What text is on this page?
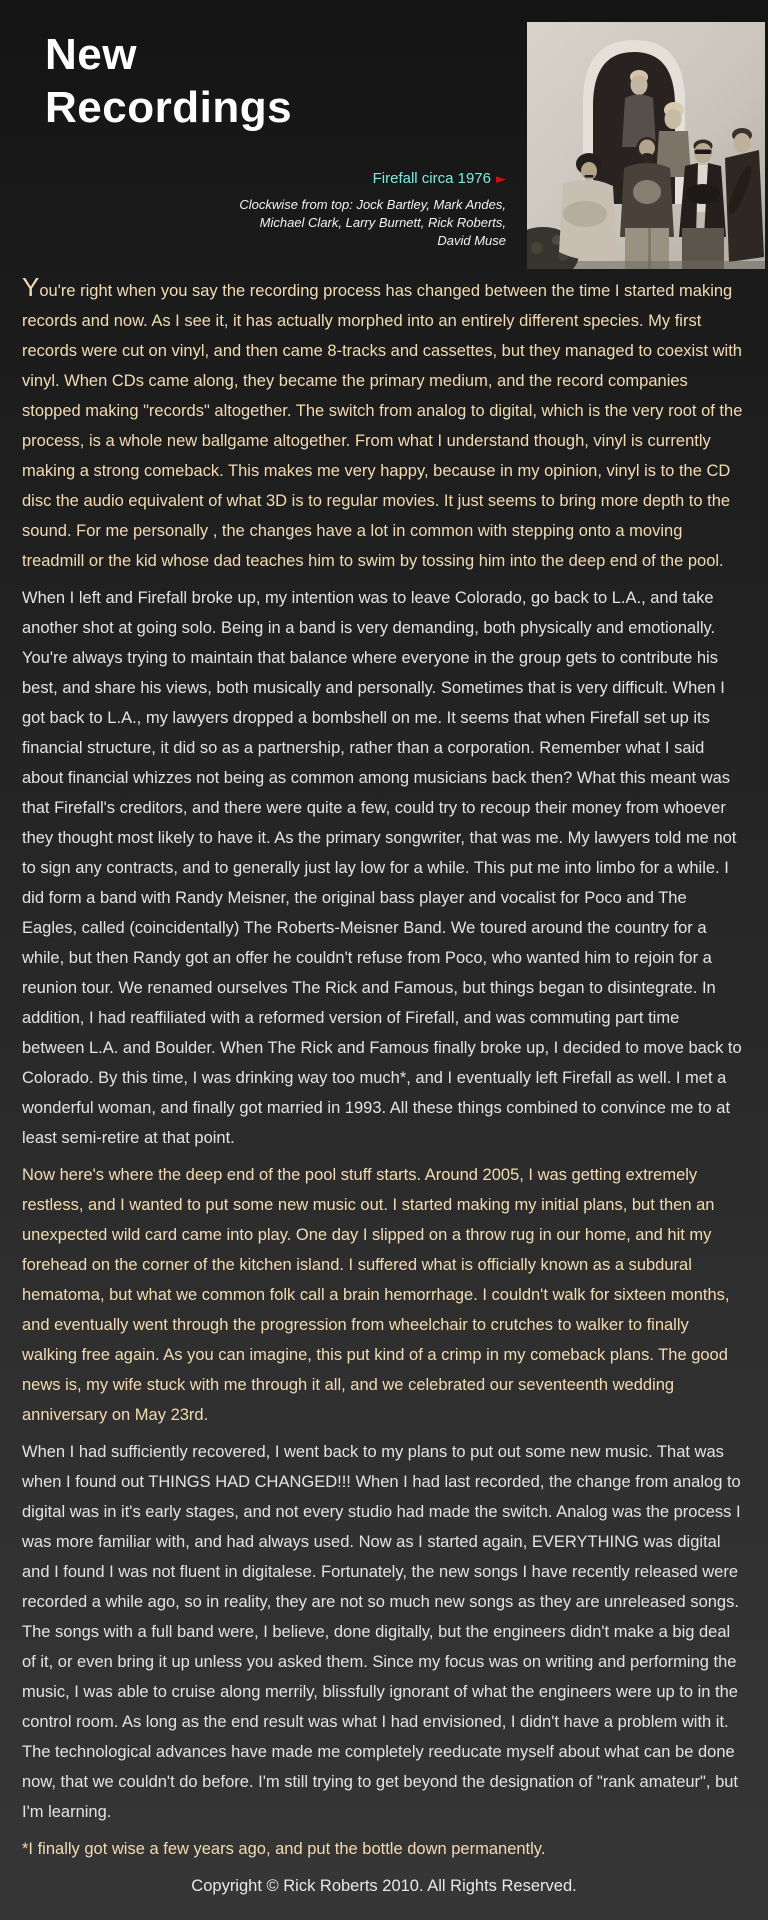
New
Recordings
Firefall circa 1976 ►
Clockwise from top: Jock Bartley, Mark Andes,
Michael Clark, Larry Burnett, Rick Roberts,
David Muse

You're right when you say the recording process has changed between the time I started making records and now. As I see it, it has actually morphed into an entirely different species. My first records were cut on vinyl, and then came 8-tracks and cassettes, but they managed to coexist with vinyl. When CDs came along, they became the primary medium, and the record companies stopped making "records" altogether. The switch from analog to digital, which is the very root of the process, is a whole new ballgame altogether. From what I understand though, vinyl is currently making a strong comeback. This makes me very happy, because in my opinion, vinyl is to the CD disc the audio equivalent of what 3D is to regular movies. It just seems to bring more depth to the sound. For me personally , the changes have a lot in common with stepping onto a moving treadmill or the kid whose dad teaches him to swim by tossing him into the deep end of the pool.

When I left and Firefall broke up, my intention was to leave Colorado, go back to L.A., and take another shot at going solo. Being in a band is very demanding, both physically and emotionally. You're always trying to maintain that balance where everyone in the group gets to contribute his best, and share his views, both musically and personally. Sometimes that is very difficult. When I got back to L.A., my lawyers dropped a bombshell on me. It seems that when Firefall set up its financial structure, it did so as a partnership, rather than a corporation. Remember what I said about financial whizzes not being as common among musicians back then? What this meant was that Firefall's creditors, and there were quite a few, could try to recoup their money from whoever they thought most likely to have it. As the primary songwriter, that was me. My lawyers told me not to sign any contracts, and to generally just lay low for a while. This put me into limbo for a while. I did form a band with Randy Meisner, the original bass player and vocalist for Poco and The Eagles, called (coincidentally) The Roberts-Meisner Band. We toured around the country for a while, but then Randy got an offer he couldn't refuse from Poco, who wanted him to rejoin for a reunion tour. We renamed ourselves The Rick and Famous, but things began to disintegrate. In addition, I had reaffiliated with a reformed version of Firefall, and was commuting part time between L.A. and Boulder. When The Rick and Famous finally broke up, I decided to move back to Colorado. By this time, I was drinking way too much*, and I eventually left Firefall as well. I met a wonderful woman, and finally got married in 1993. All these things combined to convince me to at least semi-retire at that point.

Now here's where the deep end of the pool stuff starts. Around 2005, I was getting extremely restless, and I wanted to put some new music out. I started making my initial plans, but then an unexpected wild card came into play. One day I slipped on a throw rug in our home, and hit my forehead on the corner of the kitchen island. I suffered what is officially known as a subdural hematoma, but what we common folk call a brain hemorrhage. I couldn't walk for sixteen months, and eventually went through the progression from wheelchair to crutches to walker to finally walking free again. As you can imagine, this put kind of a crimp in my comeback plans. The good news is, my wife stuck with me through it all, and we celebrated our seventeenth wedding anniversary on May 23rd.

When I had sufficiently recovered, I went back to my plans to put out some new music. That was when I found out THINGS HAD CHANGED!!! When I had last recorded, the change from analog to digital was in it's early stages, and not every studio had made the switch. Analog was the process I was more familiar with, and had always used. Now as I started again, EVERYTHING was digital and I found I was not fluent in digitalese. Fortunately, the new songs I have recently released were recorded a while ago, so in reality, they are not so much new songs as they are unreleased songs. The songs with a full band were, I believe, done digitally, but the engineers didn't make a big deal of it, or even bring it up unless you asked them. Since my focus was on writing and performing the music, I was able to cruise along merrily, blissfully ignorant of what the engineers were up to in the control room. As long as the end result was what I had envisioned, I didn't have a problem with it. The technological advances have made me completely reeducate myself about what can be done now, that we couldn't do before. I'm still trying to get beyond the designation of "rank amateur", but I'm learning.

*I finally got wise a few years ago, and put the bottle down permanently.

Copyright © Rick Roberts 2010. All Rights Reserved.
